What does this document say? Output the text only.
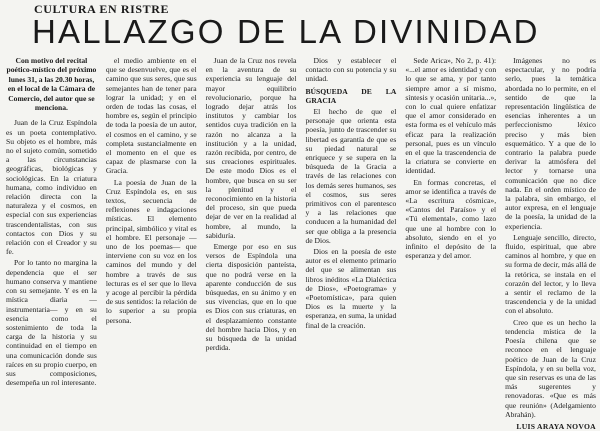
CULTURA EN RISTRE
HALLAZGO DE LA DIVINIDAD
Con motivo del recital poético-místico del próximo lunes 31, a las 20.30 horas, en el local de la Cámara de Comercio, del autor que se menciona.

Juan de la Cruz Espíndola es un poeta contemplativo. Su objeto es el hombre, más no el sujeto común, sometido a las circunstancias geográficas, biológicas y sociológicas. En la criatura humana, como individuo en relación directa con la naturaleza y el cosmos, en especial con sus experiencias trascendentalistas, con sus contactos con Dios y su relación con el Creador y su fe.

Por lo tanto no margina la dependencia que el ser humano conserva y mantiene con su semejante. Y es en la mística diaria —instrumentaria— y en su esencia como el sostenimiento de toda la carga de la historia y su continuidad en el tiempo en una comunicación donde sus raíces en su propio cuerpo, en sus composiciones, desempeña un rol interesante.

el medio ambiente en el que se desenvuelve, que es el camino que sus seres, que sus semejantes han de tener para lograr la unidad; y en el orden de todas las cosas, el hombre es, según el principio de toda la poesía de un autor, el cosmos en el camino, y se completa sustancialmente en el momento en el que es capaz de plasmarse con la Gracia.

La poesía de Juan de la Cruz Espíndola es, en sus textos, secuencia de reflexiones e indagaciones místicas. El elemento principal, simbólico y vital es el hombre. El personaje —uno de los poemas— que interviene con su voz en los caminos del mundo y del hombre a través de sus lecturas es el ser que lo lleva y acoge al percibir la pérdida de sus sentidos: la relación de lo superior a su propia persona.

Juan de la Cruz nos revela en la aventura de su experiencia su lenguaje del mayor equilibrio revolucionario, porque ha logrado dejar atrás los institutos y cambiar los sentidos cuya tradición en la razón no alcanza a la institución y a la unidad, razón recibida, por centro, de sus creaciones espirituales. De este modo Dios es el hombre, que busca en su ser la plenitud y el reconocimiento en la historia del proceso, sin que pueda dejar de ver en la realidad al hombre, al mundo, la sabiduría.

Emerge por eso en sus versos de Espíndola una cierta disposición panteísta, que no podrá verse en la aparente conducción de sus búsquedas, en su ánimo y en sus vivencias, que en lo que es Dios con sus criaturas, en el desplazamiento constante del hombre hacia Dios, y en su búsqueda de la unidad perdida.

Dios y establecer el contacto con su potencia y su unidad.

BÚSQUEDA DE LA GRACIA

El hecho de que el personaje que orienta esta poesía, junto de trascender su libertad es garantía de que es su piedad natural se enriquece y se supera en la búsqueda de la Gracia a través de las relaciones con los demás seres humanos, ses el cosmos, sus seres primitivos con el parentesco y a las relaciones que conducen a la humanidad del ser que obliga a la presencia de Dios.

Dios en la poesía de este autor es el elemento primario del que se alimentan sus libros inéditos «La Dialéctica de Dios», «Poetograma» y «Poetomística», para quien Dios es la muerte y la esperanza, en suma, la unidad final de la creación.

Sede Arica», No 2, p. 41): «...el amor es identidad y con lo que se ama, y por tanto siempre amor a sí mismo, síntesis y ocasión unitaria...», con lo cual quiere enfatizar que el amor considerado en esta forma es el vehículo más eficaz para la realización personal, pues es un vínculo en el que la trascendencia de la criatura se convierte en identidad.

En formas concretas, el amor se identifica a través de «La escritura cósmica», «Cantos del Paraíso» y el «Tú elemental», como lazo que une al hombre con lo absoluto, siendo en el yo infinito el depósito de la esperanza y del amor.

Imágenes no es espectacular, y no podría serlo, pues la temática abordada no lo permite, en el sentido de que la representación lingüística de esencias inherentes a un perfeccionismo léxico preciso y más bien esquemático. Y a que de lo contrario la palabra puede derivar la atmósfera del lector y tornarse una comunicación que no dice nada. En el orden místico de la palabra, sin embargo, el autor expresa, en el lenguaje de la poesía, la unidad de la experiencia.

Lenguaje sencillo, directo, fluido, espiritual, que abre caminos al hombre, y que en su forma de decir, más allá de la retórica, se instala en el corazón del lector, y lo lleva a sentir el reclamo de la trascendencia y de la unidad con el absoluto.

Creo que es un hecho la tendencia mística de la Poesía chilena que se reconoce en el lenguaje poético de Juan de la Cruz Espíndola, y en su bella voz, que sin reservas es una de las más sugerentes y renovadoras. «Que es más que reunión» (Adelgamiento Abrahán).

LUIS ARAYA NOVOA
